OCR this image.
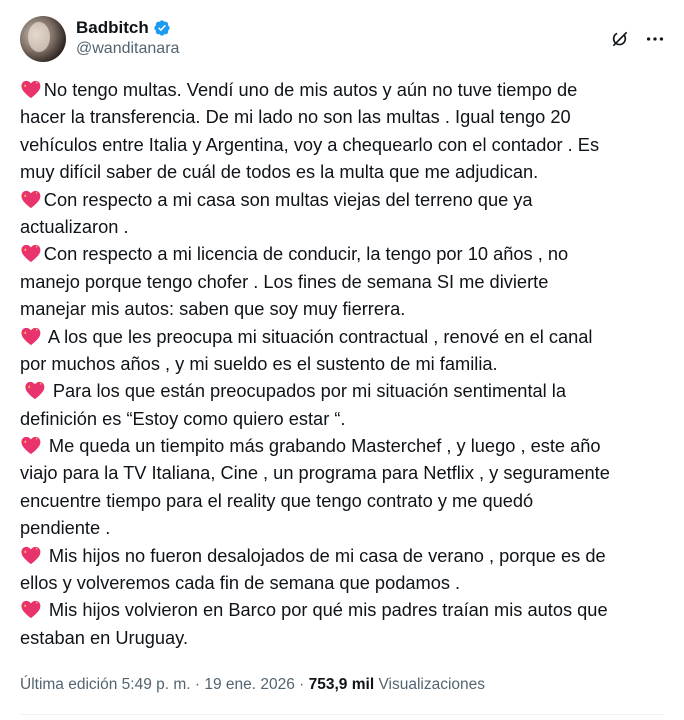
Badbitch
@wanditanara
No tengo multas. Vendí uno de mis autos y aún no tuve tiempo de
hacer la transferencia. De mi lado no son las multas . Igual tengo 20
vehículos entre Italia y Argentina, voy a chequearlo con el contador . Es
muy difícil saber de cuál de todos es la multa que me adjudican.
Con respecto a mi casa son multas viejas del terreno que ya
actualizaron .
Con respecto a mi licencia de conducir, la tengo por 10 años , no
manejo porque tengo chofer . Los fines de semana SI me divierte
manejar mis autos: saben que soy muy fierrera.
A los que les preocupa mi situación contractual , renové en el canal
por muchos años , y mi sueldo es el sustento de mi familia.
Para los que están preocupados por mi situación sentimental la
definición es “Estoy como quiero estar “.
Me queda un tiempito más grabando Masterchef , y luego , este año
viajo para la TV Italiana, Cine , un programa para Netflix , y seguramente
encuentre tiempo para el reality que tengo contrato y me quedó
pendiente .
Mis hijos no fueron desalojados de mi casa de verano , porque es de
ellos y volveremos cada fin de semana que podamos .
Mis hijos volvieron en Barco por qué mis padres traían mis autos que
estaban en Uruguay.
Última edición 5:49 p. m. · 19 ene. 2026 · 753,9 mil Visualizaciones
